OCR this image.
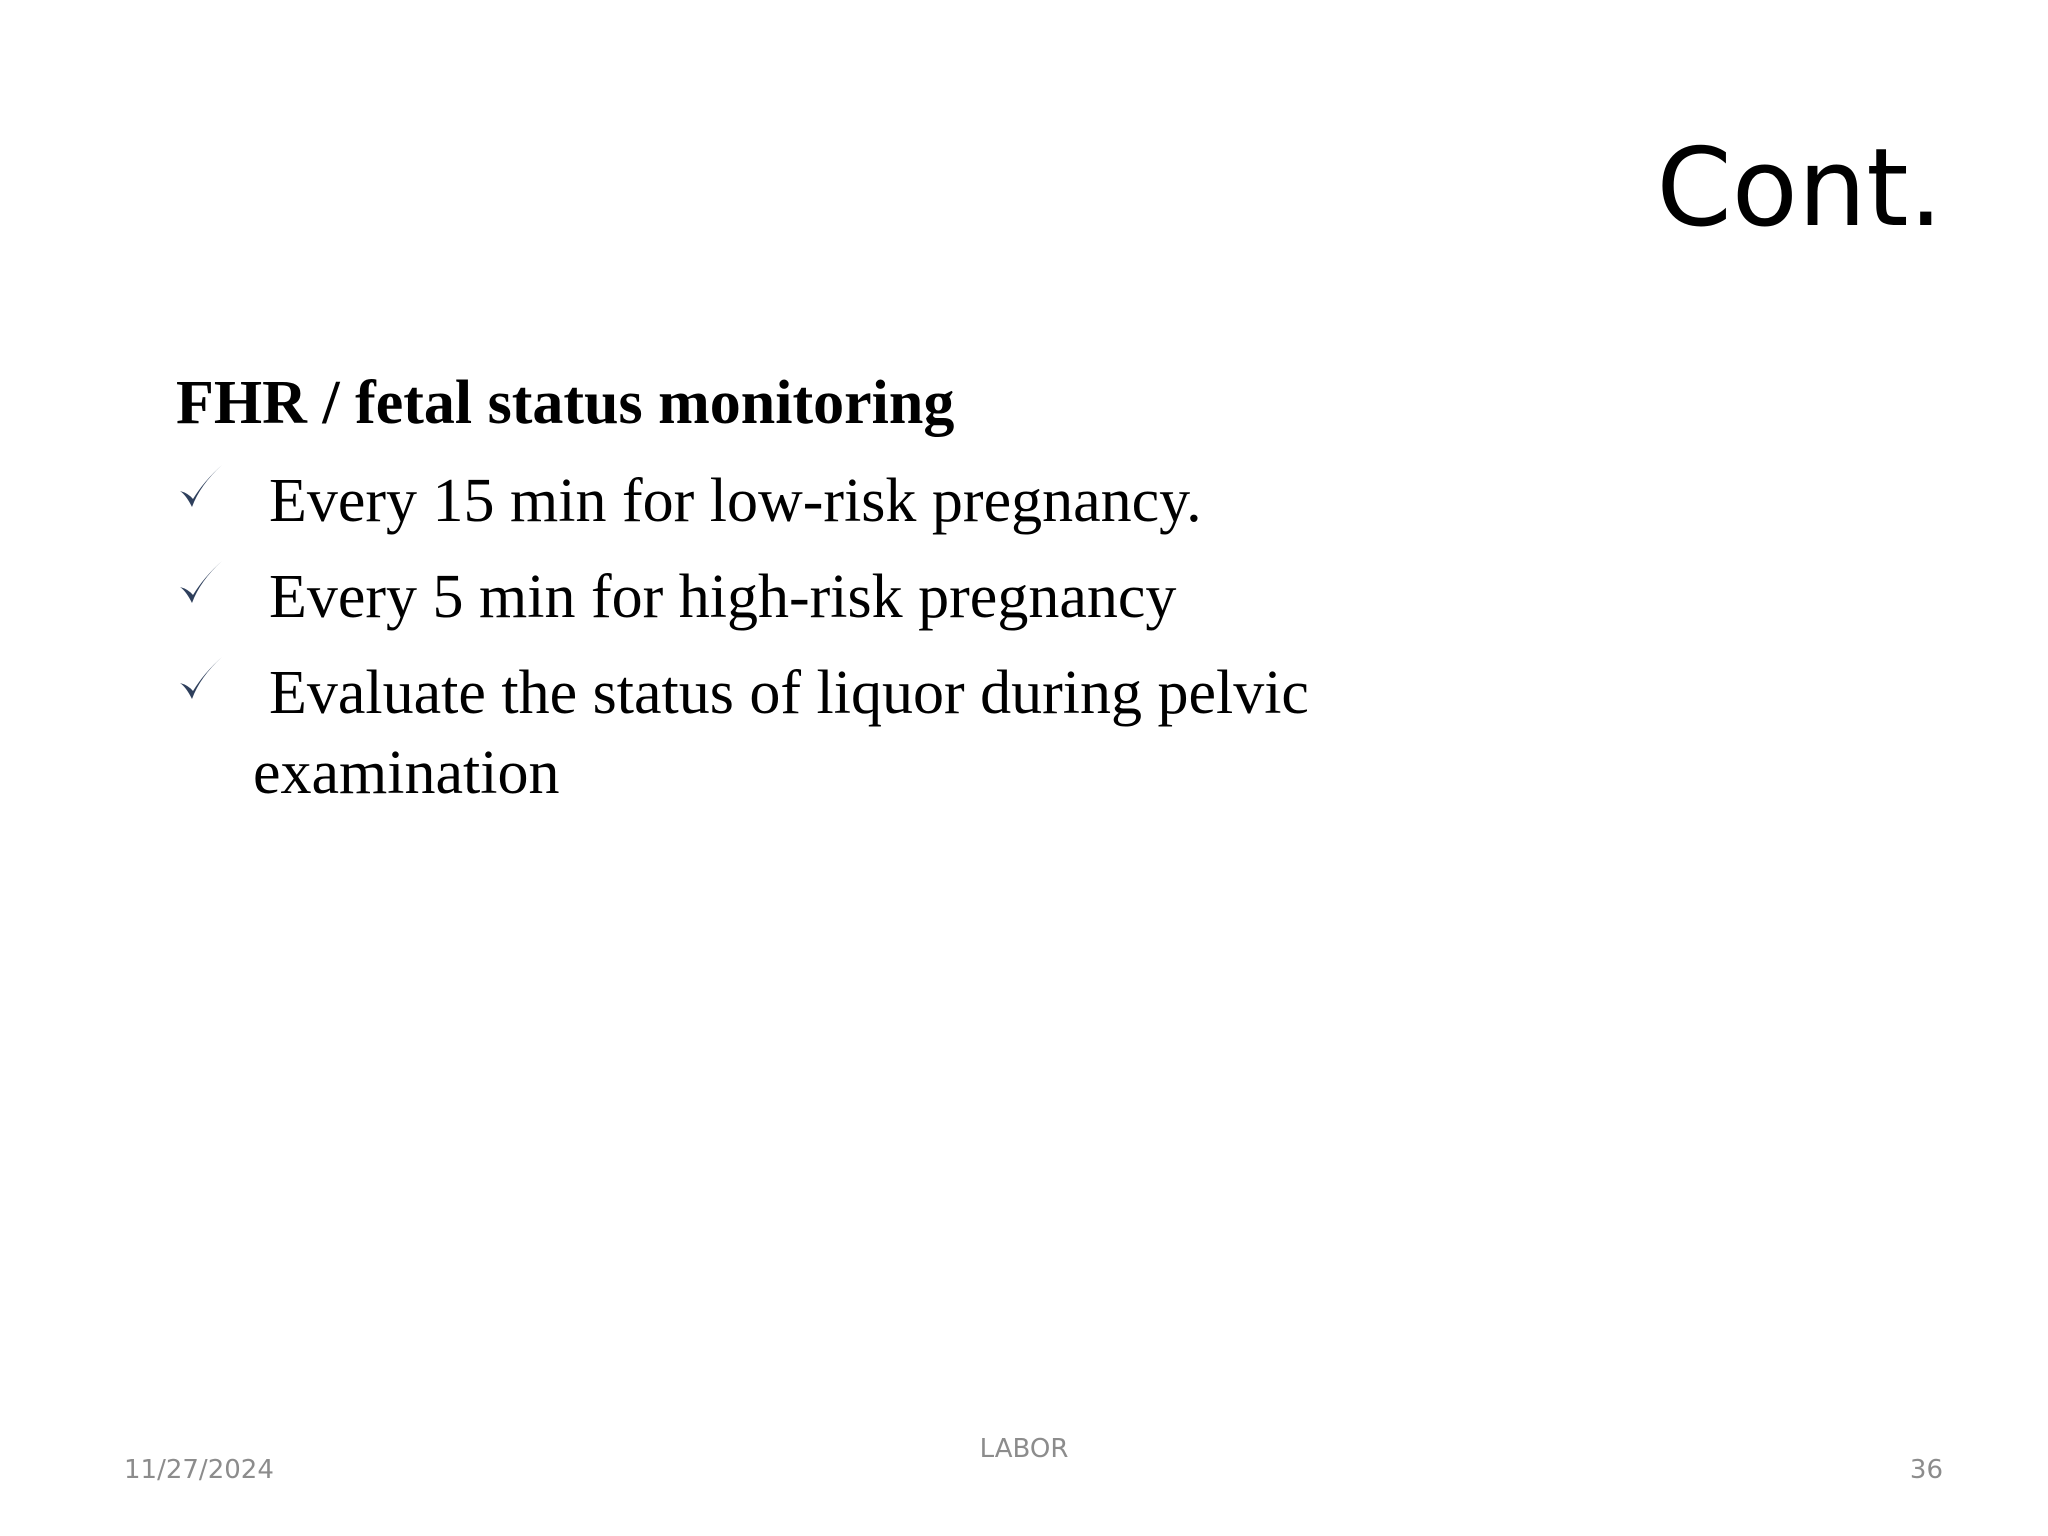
Cont.
FHR / fetal status monitoring
Every 15 min for low-risk pregnancy.
Every 5 min for high-risk pregnancy
Evaluate the status of liquor during pelvic examination
11/27/2024
LABOR
36
